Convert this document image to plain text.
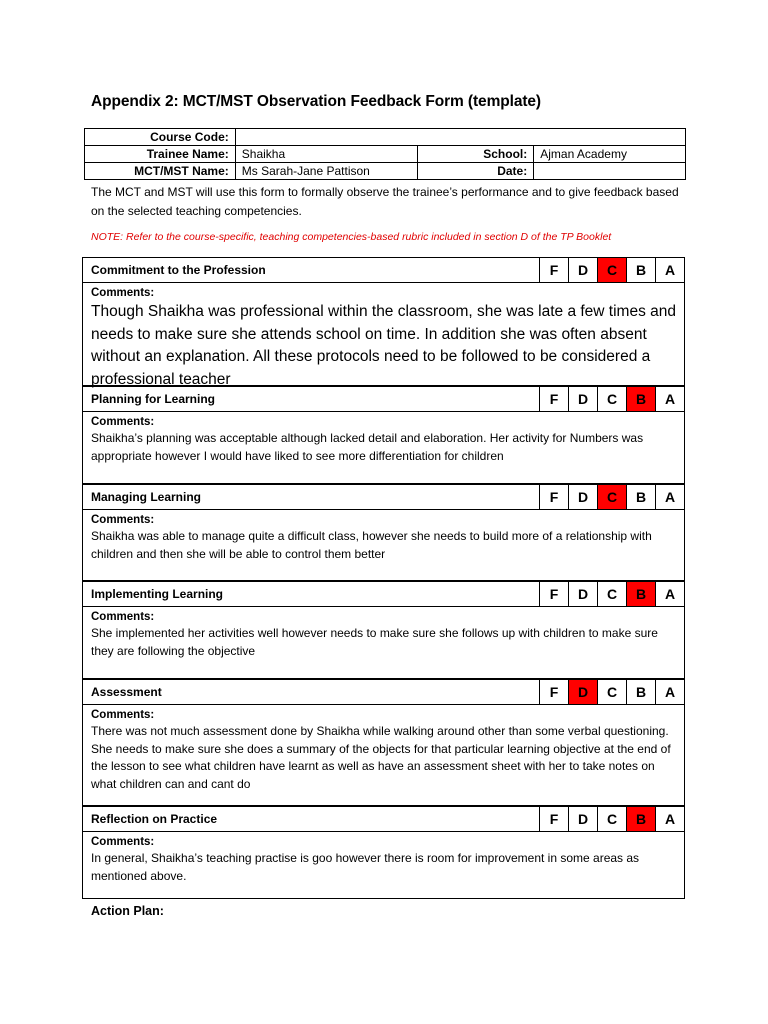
Appendix 2: MCT/MST Observation Feedback Form (template)
Course Code:			
Trainee Name:	Shaikha	School:	Ajman Academy
MCT/MST Name:	Ms Sarah-Jane Pattison	Date:	
The MCT and MST will use this form to formally observe the trainee’s performance and to give feedback based on the selected teaching competencies.
NOTE: Refer to the course-specific, teaching competencies-based rubric included in section D of the TP Booklet
Commitment to the Profession	F	D	C	B	A
Comments:
Though Shaikha was professional within the classroom, she was late a few times and needs to make sure she attends school on time. In addition she was often absent without an explanation. All these protocols need to be followed to be considered a professional teacher
Planning for Learning	F	D	C	B	A
Comments:
Shaikha’s planning was acceptable although lacked detail and elaboration. Her activity for Numbers was appropriate however I would have liked to see more differentiation for children
Managing Learning	F	D	C	B	A
Comments:
Shaikha was able to manage quite a difficult class, however she needs to build more of a relationship with children and then she will be able to control them better
Implementing Learning	F	D	C	B	A
Comments:
She implemented her activities well however needs to make sure she follows up with children to make sure they are following the objective
Assessment	F	D	C	B	A
Comments:
There was not much assessment done by Shaikha while walking around other than some verbal questioning. She needs to make sure she does a summary of the objects for that particular learning objective at the end of the lesson to see what children have learnt as well as have an assessment sheet with her to take notes on what children can and cant do
Reflection on Practice	F	D	C	B	A
Comments:
In general, Shaikha’s teaching practise is goo however there is room for improvement in some areas as mentioned above.
Action Plan:
